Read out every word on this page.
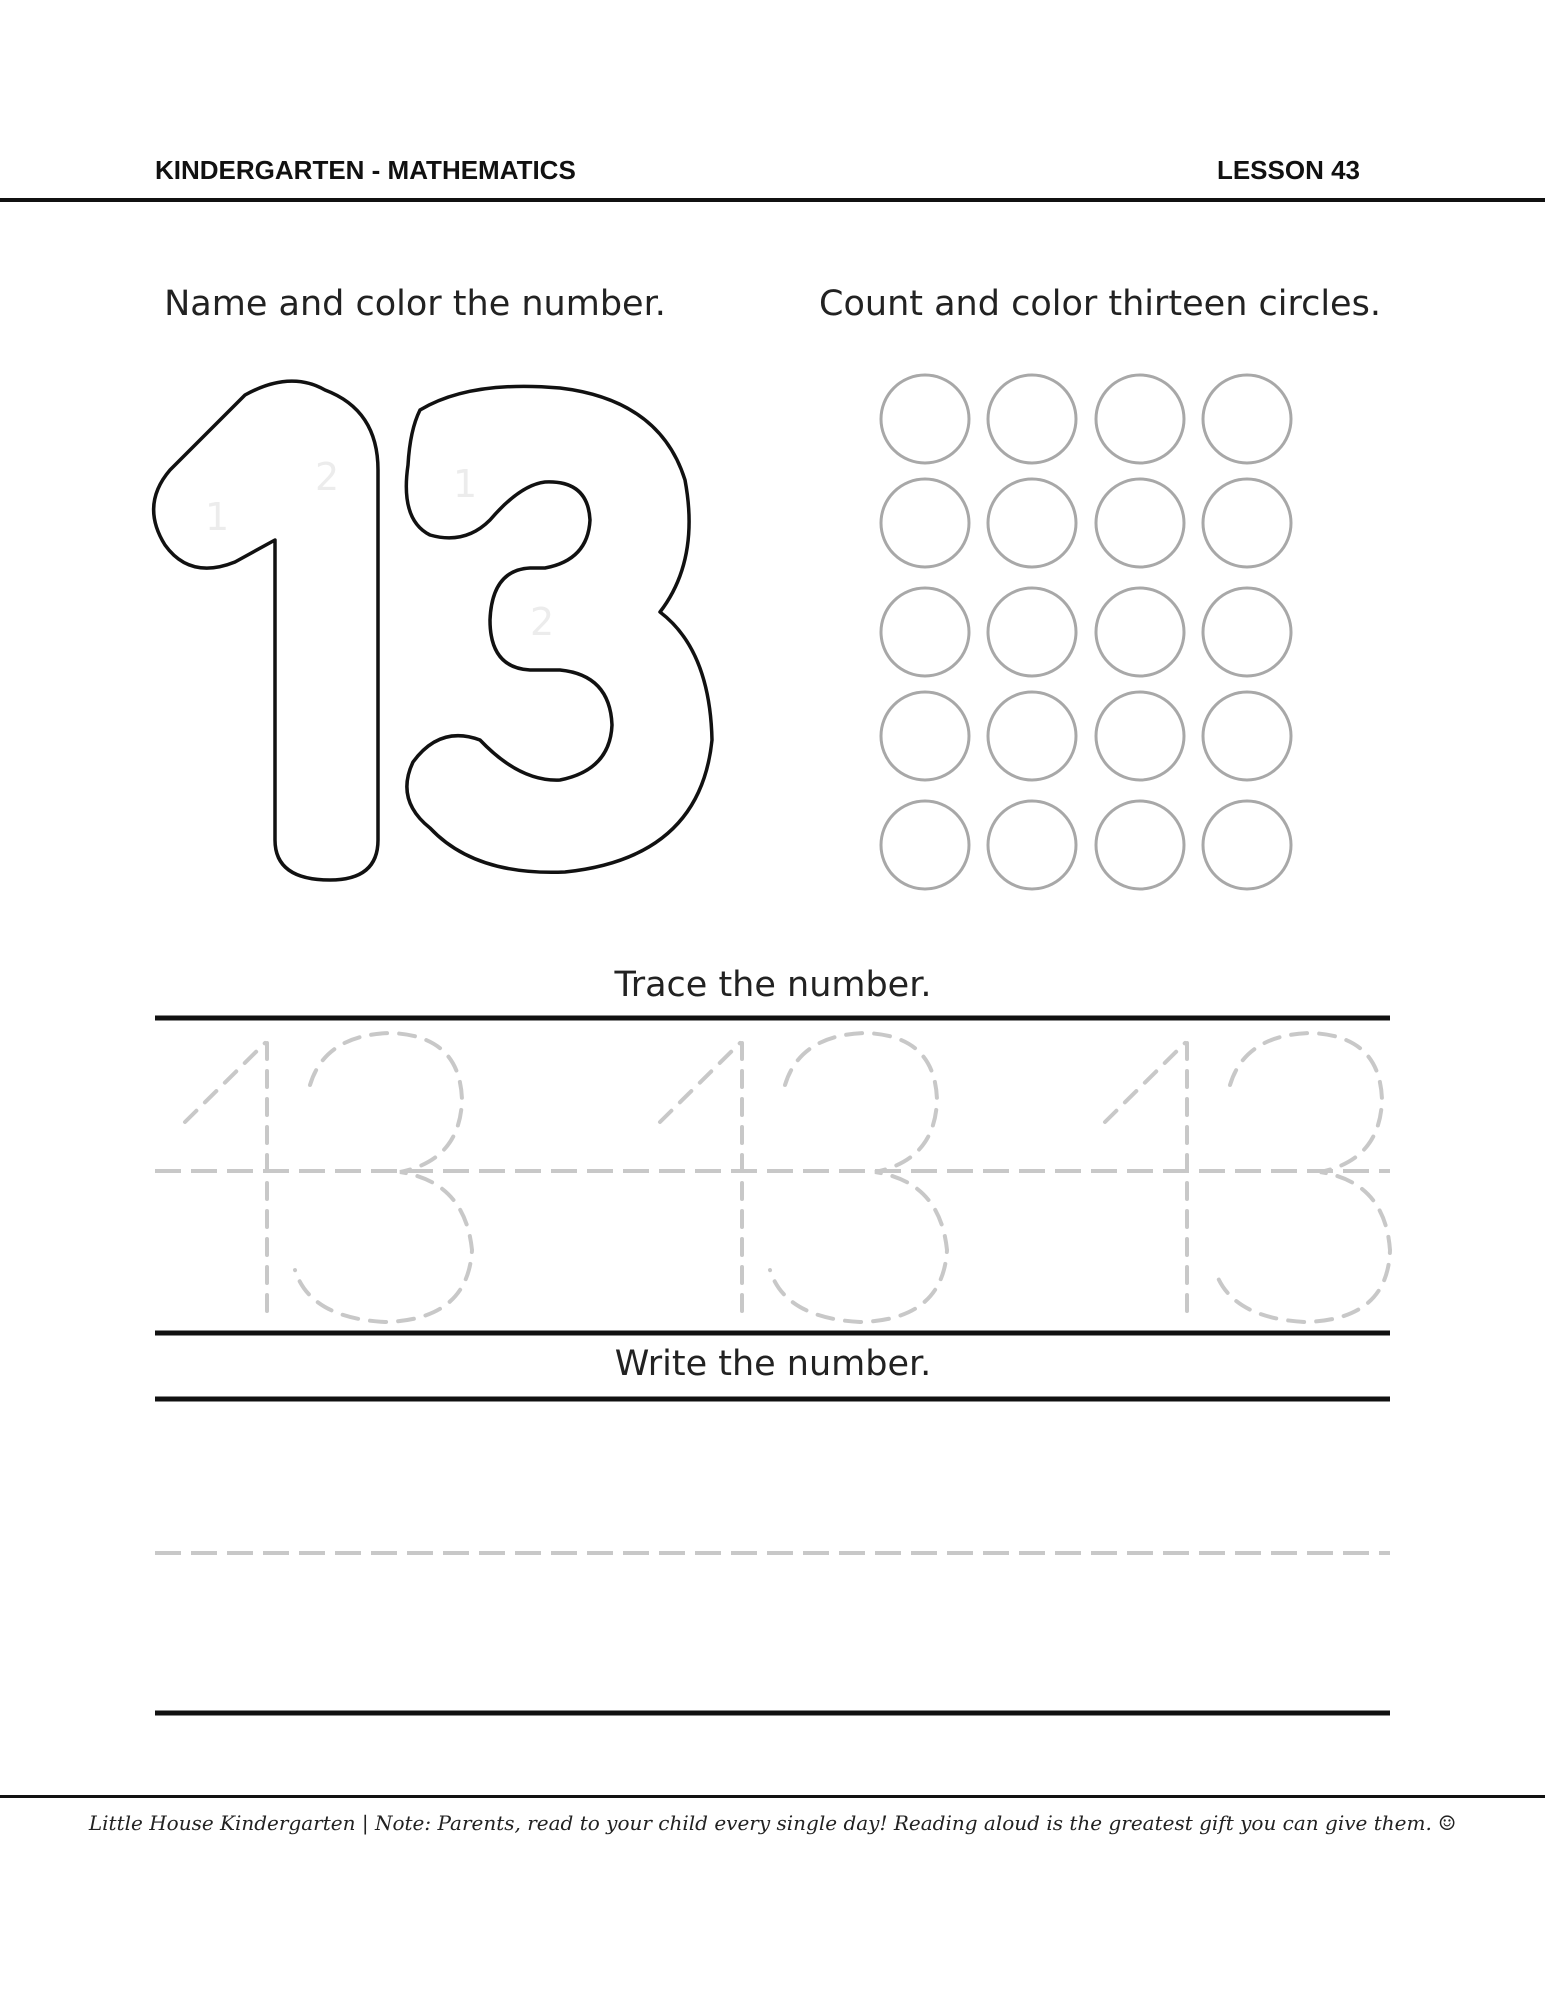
KINDERGARTEN - MATHEMATICS	LESSON 43
Name and color the number.	Count and color thirteen circles.
1
2	1
2
Trace the number.
Write the number.
Little House Kindergarten | Note: Parents, read to your child every single day! Reading aloud is the greatest gift you can give them. ☺
